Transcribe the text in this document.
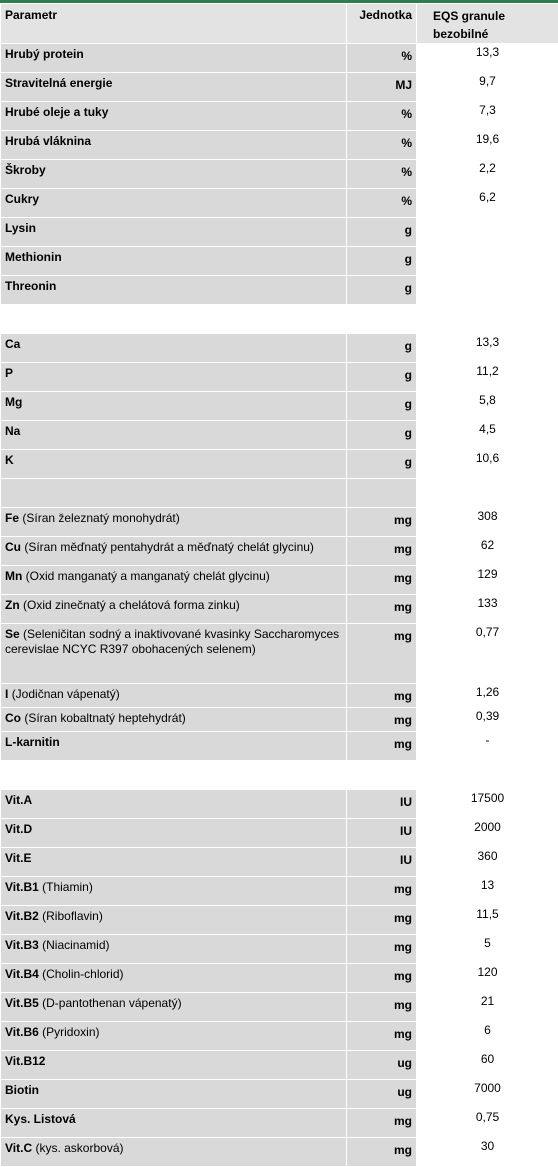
Parametr	Jednotka	EQS granule
bezobilné
Hrubý protein	%	13,3
Stravitelná energie	MJ	9,7
Hrubé oleje a tuky	%	7,3
Hrubá vláknina	%	19,6
Škroby	%	2,2
Cukry	%	6,2
Lysin	g	
Methionin	g	
Threonin	g	

Ca	g	13,3
P	g	11,2
Mg	g	5,8
Na	g	4,5
K	g	10,6

Fe (Síran železnatý monohydrát)	mg	308
Cu (Síran měďnatý pentahydrát a měďnatý chelát glycinu)	mg	62
Mn (Oxid manganatý a manganatý chelát glycinu)	mg	129
Zn (Oxid zinečnatý a chelátová forma zinku)	mg	133
Se (Seleničitan sodný a inaktivované kvasinky Saccharomyces cerevislae NCYC R397 obohacených selenem)	mg	0,77
I (Jodičnan vápenatý)	mg	1,26
Co (Síran kobaltnatý heptehydrát)	mg	0,39
L-karnitin	mg	-

Vit.A	IU	17500
Vit.D	IU	2000
Vit.E	IU	360
Vit.B1 (Thiamin)	mg	13
Vit.B2 (Riboflavin)	mg	11,5
Vit.B3 (Niacinamid)	mg	5
Vit.B4 (Cholin-chlorid)	mg	120
Vit.B5 (D-pantothenan vápenatý)	mg	21
Vit.B6 (Pyridoxin)	mg	6
Vit.B12	ug	60
Biotin	ug	7000
Kys. Listová	mg	0,75
Vit.C (kys. askorbová)	mg	30
